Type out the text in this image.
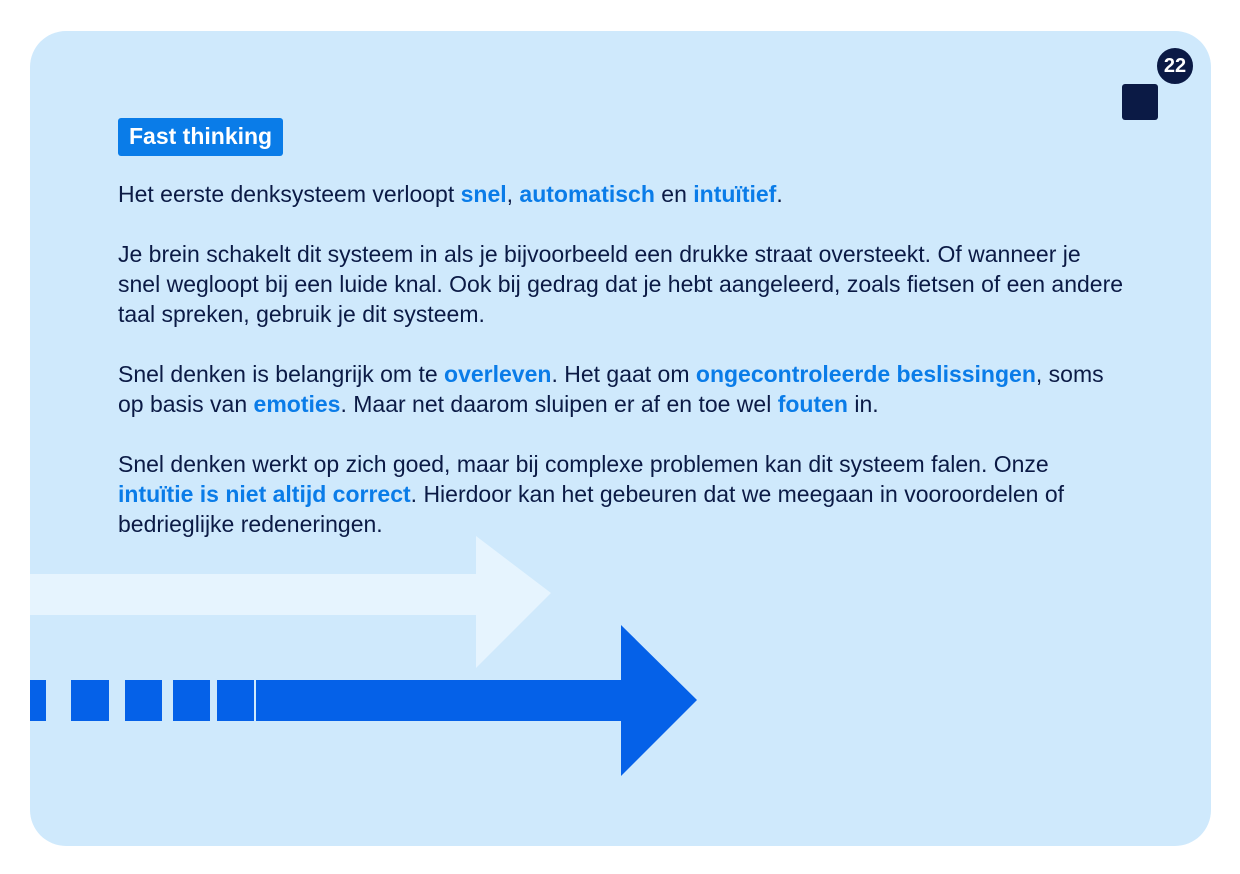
22
Fast thinking

Het eerste denksysteem verloopt snel, automatisch en intuïtief.

Je brein schakelt dit systeem in als je bijvoorbeeld een drukke straat oversteekt. Of wanneer je snel wegloopt bij een luide knal. Ook bij gedrag dat je hebt aangeleerd, zoals fietsen of een andere taal spreken, gebruik je dit systeem.

Snel denken is belangrijk om te overleven. Het gaat om ongecontroleerde beslissingen, soms op basis van emoties. Maar net daarom sluipen er af en toe wel fouten in.

Snel denken werkt op zich goed, maar bij complexe problemen kan dit systeem falen. Onze intuïtie is niet altijd correct. Hierdoor kan het gebeuren dat we meegaan in vooroordelen of bedrieglijke redeneringen.
